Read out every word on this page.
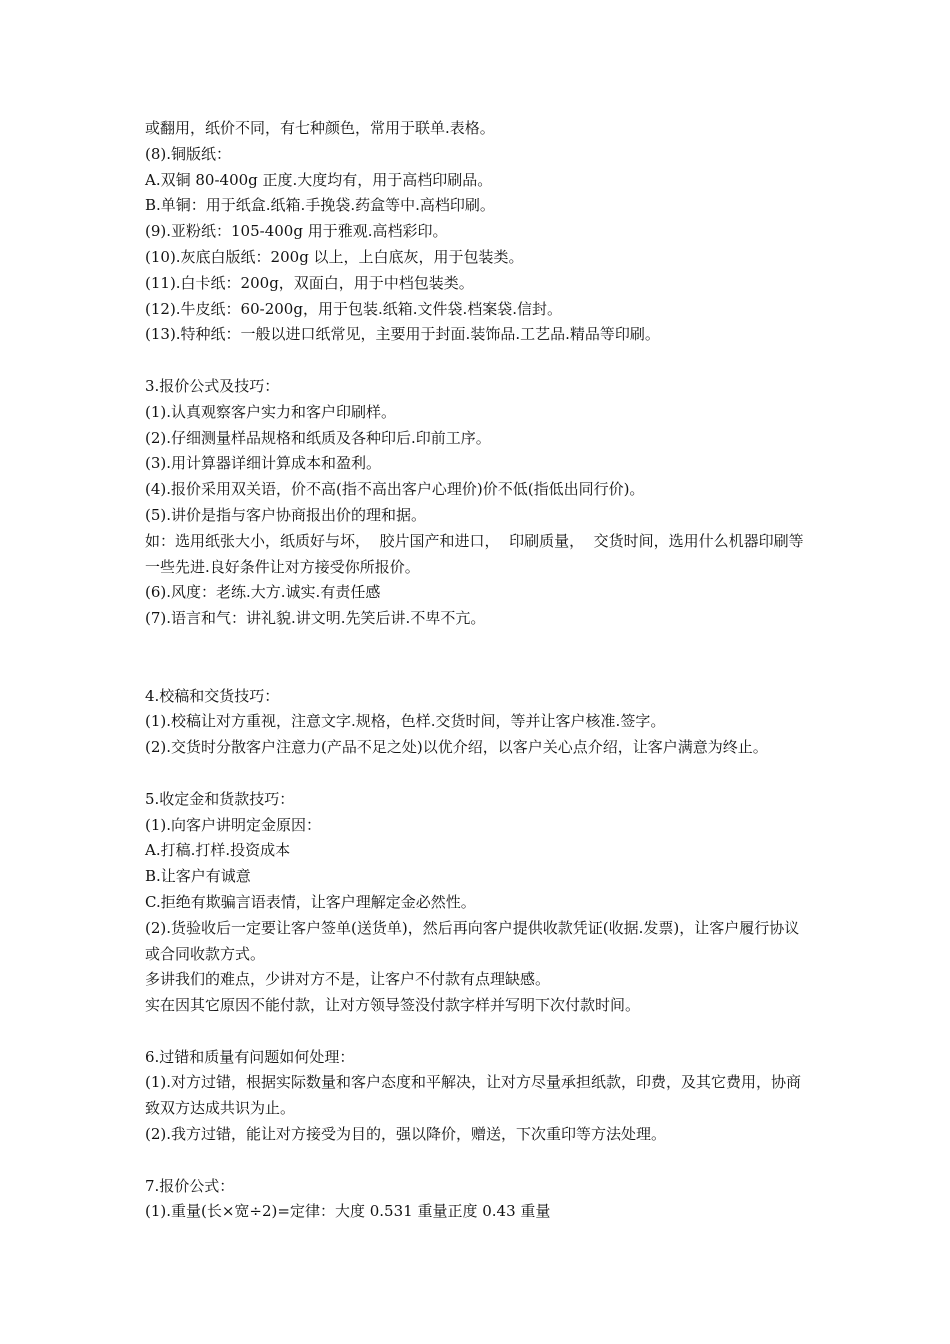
或翻用，纸价不同，有七种颜色，常用于联单.表格。
(8).铜版纸：
A.双铜 80-400g 正度.大度均有，用于高档印刷品。
B.单铜：用于纸盒.纸箱.手挽袋.药盒等中.高档印刷。
(9).亚粉纸：105-400g 用于雅观.高档彩印。
(10).灰底白版纸：200g 以上，上白底灰，用于包装类。
(11).白卡纸：200g，双面白，用于中档包装类。
(12).牛皮纸：60-200g，用于包装.纸箱.文件袋.档案袋.信封。
(13).特种纸：一般以进口纸常见，主要用于封面.装饰品.工艺品.精品等印刷。
3.报价公式及技巧：
(1).认真观察客户实力和客户印刷样。
(2).仔细测量样品规格和纸质及各种印后.印前工序。
(3).用计算器详细计算成本和盈利。
(4).报价采用双关语，价不高(指不高出客户心理价)价不低(指低出同行价)。
(5).讲价是指与客户协商报出价的理和据。
如：选用纸张大小，纸质好与坏，  胶片国产和进口，  印刷质量，  交货时间，选用什么机器印刷等一些先进.良好条件让对方接受你所报价。
(6).风度：老练.大方.诚实.有责任感
(7).语言和气：讲礼貌.讲文明.先笑后讲.不卑不亢。
4.校稿和交货技巧：
(1).校稿让对方重视，注意文字.规格，色样.交货时间，等并让客户核准.签字。
(2).交货时分散客户注意力(产品不足之处)以优介绍，以客户关心点介绍，让客户满意为终止。
5.收定金和货款技巧：
(1).向客户讲明定金原因：
A.打稿.打样.投资成本
B.让客户有诚意
C.拒绝有欺骗言语表情，让客户理解定金必然性。
(2).货验收后一定要让客户签单(送货单)，然后再向客户提供收款凭证(收据.发票)，让客户履行协议或合同收款方式。
多讲我们的难点，少讲对方不是，让客户不付款有点理缺感。
实在因其它原因不能付款，让对方领导签没付款字样并写明下次付款时间。
6.过错和质量有问题如何处理：
(1).对方过错，根据实际数量和客户态度和平解决，让对方尽量承担纸款，印费，及其它费用，协商致双方达成共识为止。
(2).我方过错，能让对方接受为目的，强以降价，赠送，下次重印等方法处理。
7.报价公式：
(1).重量(长×宽÷2)=定律：大度 0.531 重量正度 0.43 重量
